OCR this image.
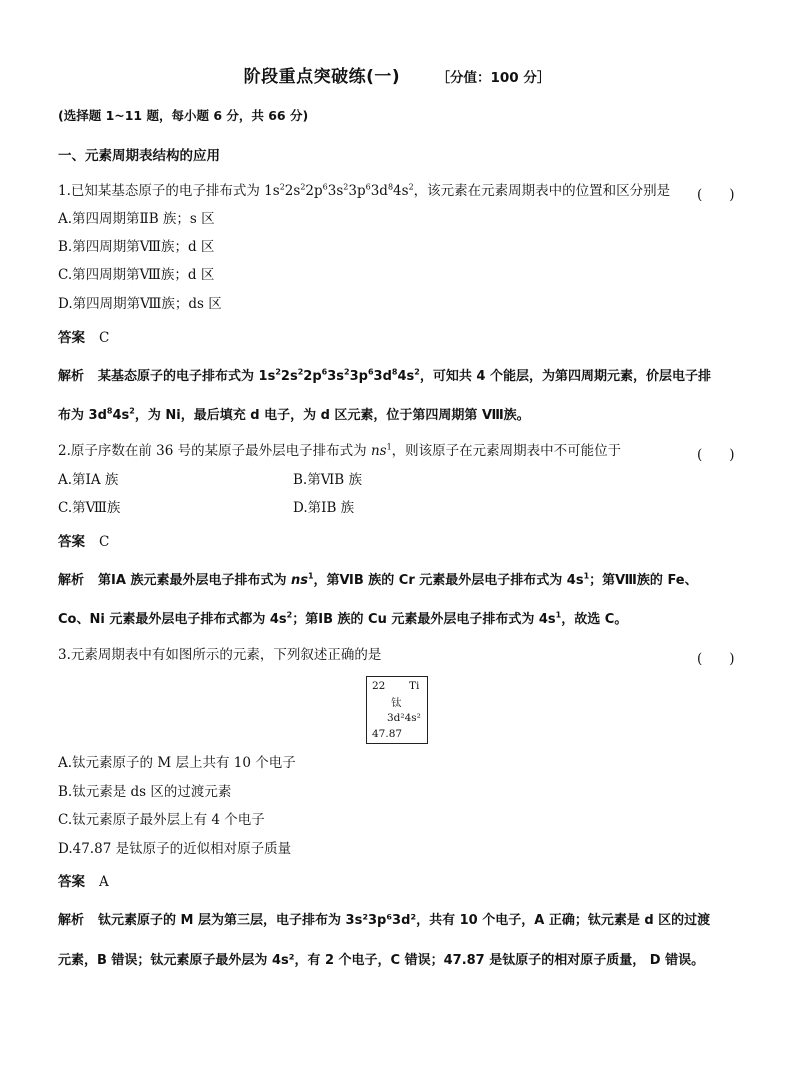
阶段重点突破练(一)	［分值：100 分］
(选择题 1~11 题，每小题 6 分，共 66 分)
一、元素周期表结构的应用
1.已知某基态原子的电子排布式为 $1s^22s^22p^63s^23p^63d^84s^2$，该元素在元素周期表中的位置和区分别是 (　　)
A.第四周期第ⅡB 族；s 区
B.第四周期第Ⅷ族；d 区
C.第四周期第Ⅷ族；d 区
D.第四周期第Ⅷ族；ds 区
答案 C
解析 某基态原子的电子排布式为 $1s^22s^22p^63s^23p^63d^84s^2$，可知共 4 个能层，为第四周期元素，价层电子排
布为 $3d^84s^2$，为 Ni，最后填充 d 电子，为 d 区元素，位于第四周期第 Ⅷ族。
2.原子序数在前 36 号的某原子最外层电子排布式为 $ns^1$，则该原子在元素周期表中不可能位于	(　　)
A.第ⅠA 族	B.第ⅥB 族
C.第Ⅷ族	D.第ⅠB 族
答案 C
解析 第ⅠA 族元素最外层电子排布式为 $ns^1$，第ⅥB 族的 Cr 元素最外层电子排布式为 $4s^1$；第Ⅷ族的 Fe、
Co、Ni 元素最外层电子排布式都为 $4s^2$；第ⅠB 族的 Cu 元素最外层电子排布式为 $4s^1$，故选 C。
3.元素周期表中有如图所示的元素，下列叙述正确的是	(　　)
22 Ti
钛
3d²4s²
47.87
A.钛元素原子的 M 层上共有 10 个电子
B.钛元素是 ds 区的过渡元素
C.钛元素原子最外层上有 4 个电子
D.47.87 是钛原子的近似相对原子质量
答案 A
解析 钛元素原子的 M 层为第三层，电子排布为 3s²3p⁶3d²，共有 10 个电子，A 正确；钛元素是 d 区的过渡
元素，B 错误；钛元素原子最外层为 4s²，有 2 个电子，C 错误；47.87 是钛原子的相对原子质量， D 错误。
